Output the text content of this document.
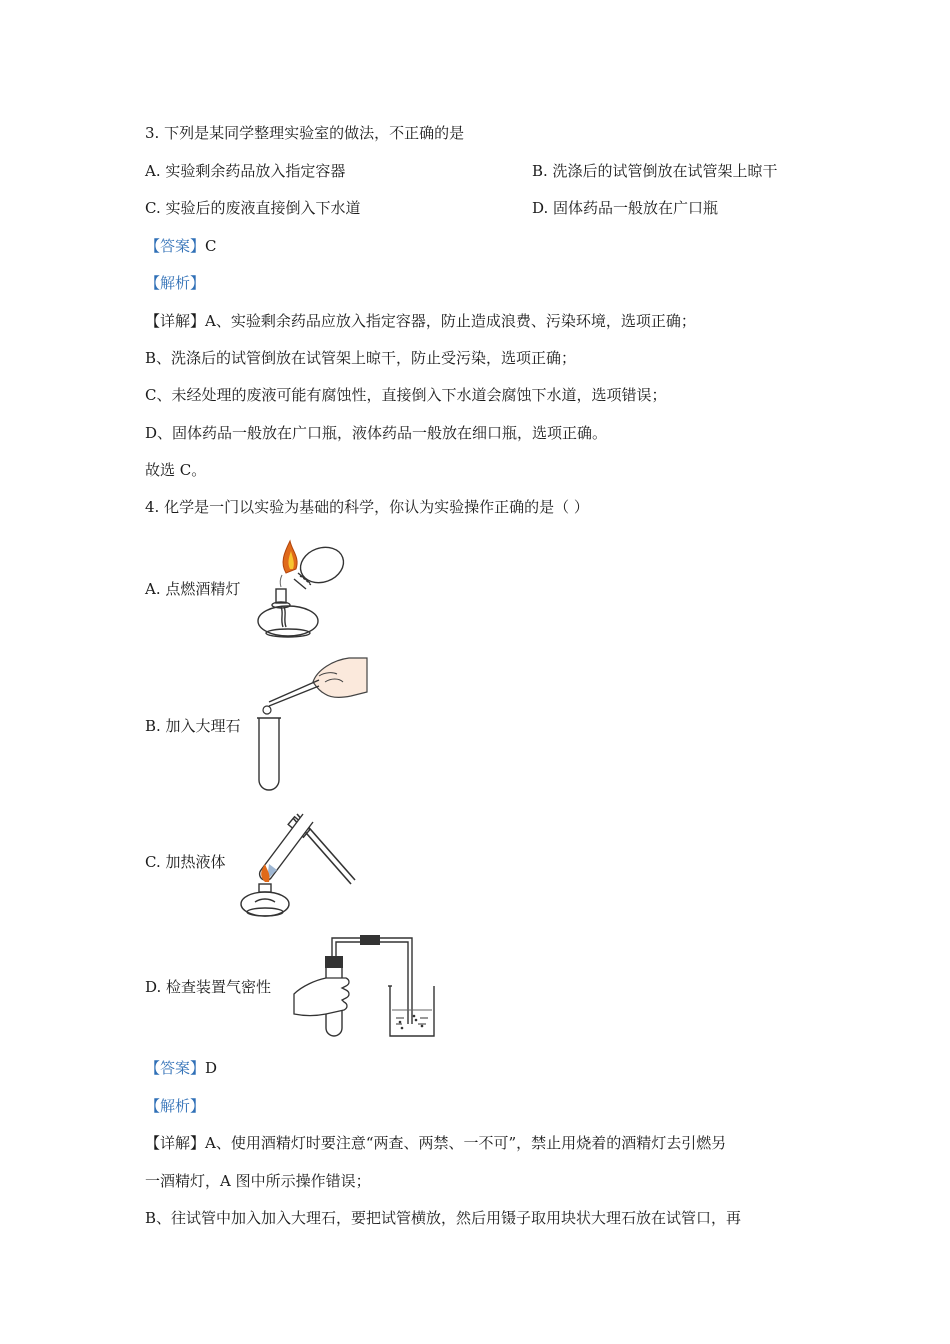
3. 下列是某同学整理实验室的做法，不正确的是
A. 实验剩余药品放入指定容器	B. 洗涤后的试管倒放在试管架上晾干
C. 实验后的废液直接倒入下水道	D. 固体药品一般放在广口瓶
【答案】C
【解析】
【详解】A、实验剩余药品应放入指定容器，防止造成浪费、污染环境，选项正确；
B、洗涤后的试管倒放在试管架上晾干，防止受污染，选项正确；
C、未经处理的废液可能有腐蚀性，直接倒入下水道会腐蚀下水道，选项错误；
D、固体药品一般放在广口瓶，液体药品一般放在细口瓶，选项正确。
故选 C。
4. 化学是一门以实验为基础的科学，你认为实验操作正确的是（ ）
A. 点燃酒精灯
B. 加入大理石
C. 加热液体
D. 检查装置气密性
【答案】D
【解析】
【详解】A、使用酒精灯时要注意“两查、两禁、一不可”，禁止用烧着的酒精灯去引燃另
一酒精灯，A 图中所示操作错误；
B、往试管中加入加入大理石，要把试管横放，然后用镊子取用块状大理石放在试管口，再
